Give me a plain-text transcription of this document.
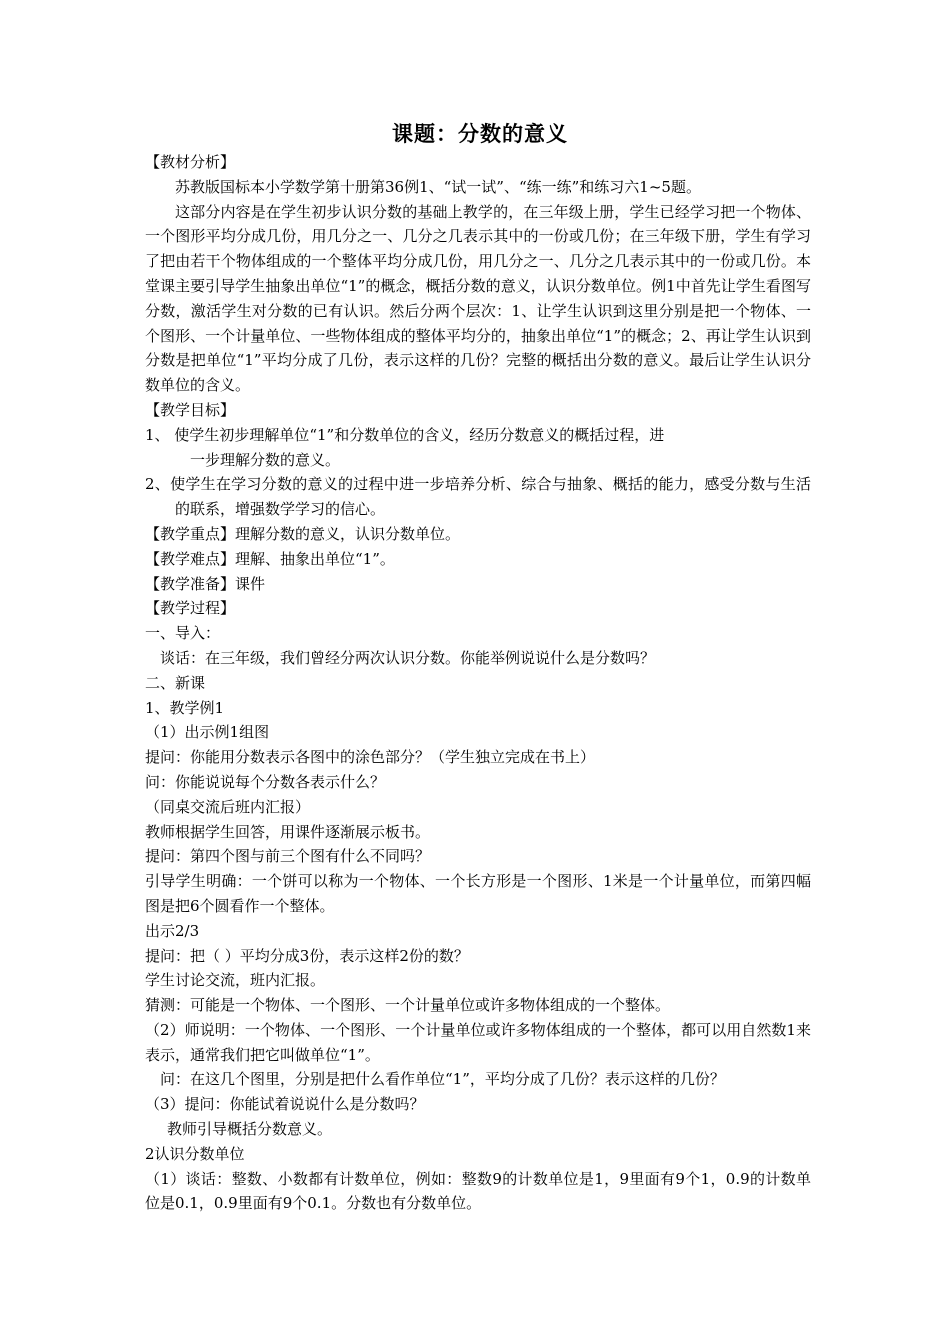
课题：分数的意义

【教材分析】

苏教版国标本小学数学第十册第36例1、“试一试”、“练一练”和练习六1~5题。

这部分内容是在学生初步认识分数的基础上教学的，在三年级上册，学生已经学习把一个物体、一个图形平均分成几份，用几分之一、几分之几表示其中的一份或几份；在三年级下册，学生有学习了把由若干个物体组成的一个整体平均分成几份，用几分之一、几分之几表示其中的一份或几份。本堂课主要引导学生抽象出单位“1”的概念，概括分数的意义，认识分数单位。例1中首先让学生看图写分数，激活学生对分数的已有认识。然后分两个层次：1、让学生认识到这里分别是把一个物体、一个图形、一个计量单位、一些物体组成的整体平均分的，抽象出单位“1”的概念；2、再让学生认识到分数是把单位“1”平均分成了几份，表示这样的几份？完整的概括出分数的意义。最后让学生认识分数单位的含义。

【教学目标】

1、 使学生初步理解单位“1”和分数单位的含义，经历分数意义的概括过程，进

一步理解分数的意义。

2、使学生在学习分数的意义的过程中进一步培养分析、综合与抽象、概括的能力，感受分数与生活的联系，增强数学学习的信心。

【教学重点】理解分数的意义，认识分数单位。

【教学难点】理解、抽象出单位“1”。

【教学准备】课件

【教学过程】

一、导入：

谈话：在三年级，我们曾经分两次认识分数。你能举例说说什么是分数吗？

二、新课

1、教学例1

（1）出示例1组图

提问：你能用分数表示各图中的涂色部分？（学生独立完成在书上）

问：你能说说每个分数各表示什么？

（同桌交流后班内汇报）

教师根据学生回答，用课件逐渐展示板书。

提问：第四个图与前三个图有什么不同吗？

引导学生明确：一个饼可以称为一个物体、一个长方形是一个图形、1米是一个计量单位，而第四幅图是把6个圆看作一个整体。

出示2/3

提问：把（ ）平均分成3份，表示这样2份的数？

学生讨论交流，班内汇报。

猜测：可能是一个物体、一个图形、一个计量单位或许多物体组成的一个整体。

（2）师说明：一个物体、一个图形、一个计量单位或许多物体组成的一个整体，都可以用自然数1来表示，通常我们把它叫做单位“1”。

问：在这几个图里，分别是把什么看作单位“1”，平均分成了几份？表示这样的几份？

（3）提问：你能试着说说什么是分数吗？

教师引导概括分数意义。

2认识分数单位

（1）谈话：整数、小数都有计数单位，例如：整数9的计数单位是1，9里面有9个1，0.9的计数单位是0.1，0.9里面有9个0.1。分数也有分数单位。
